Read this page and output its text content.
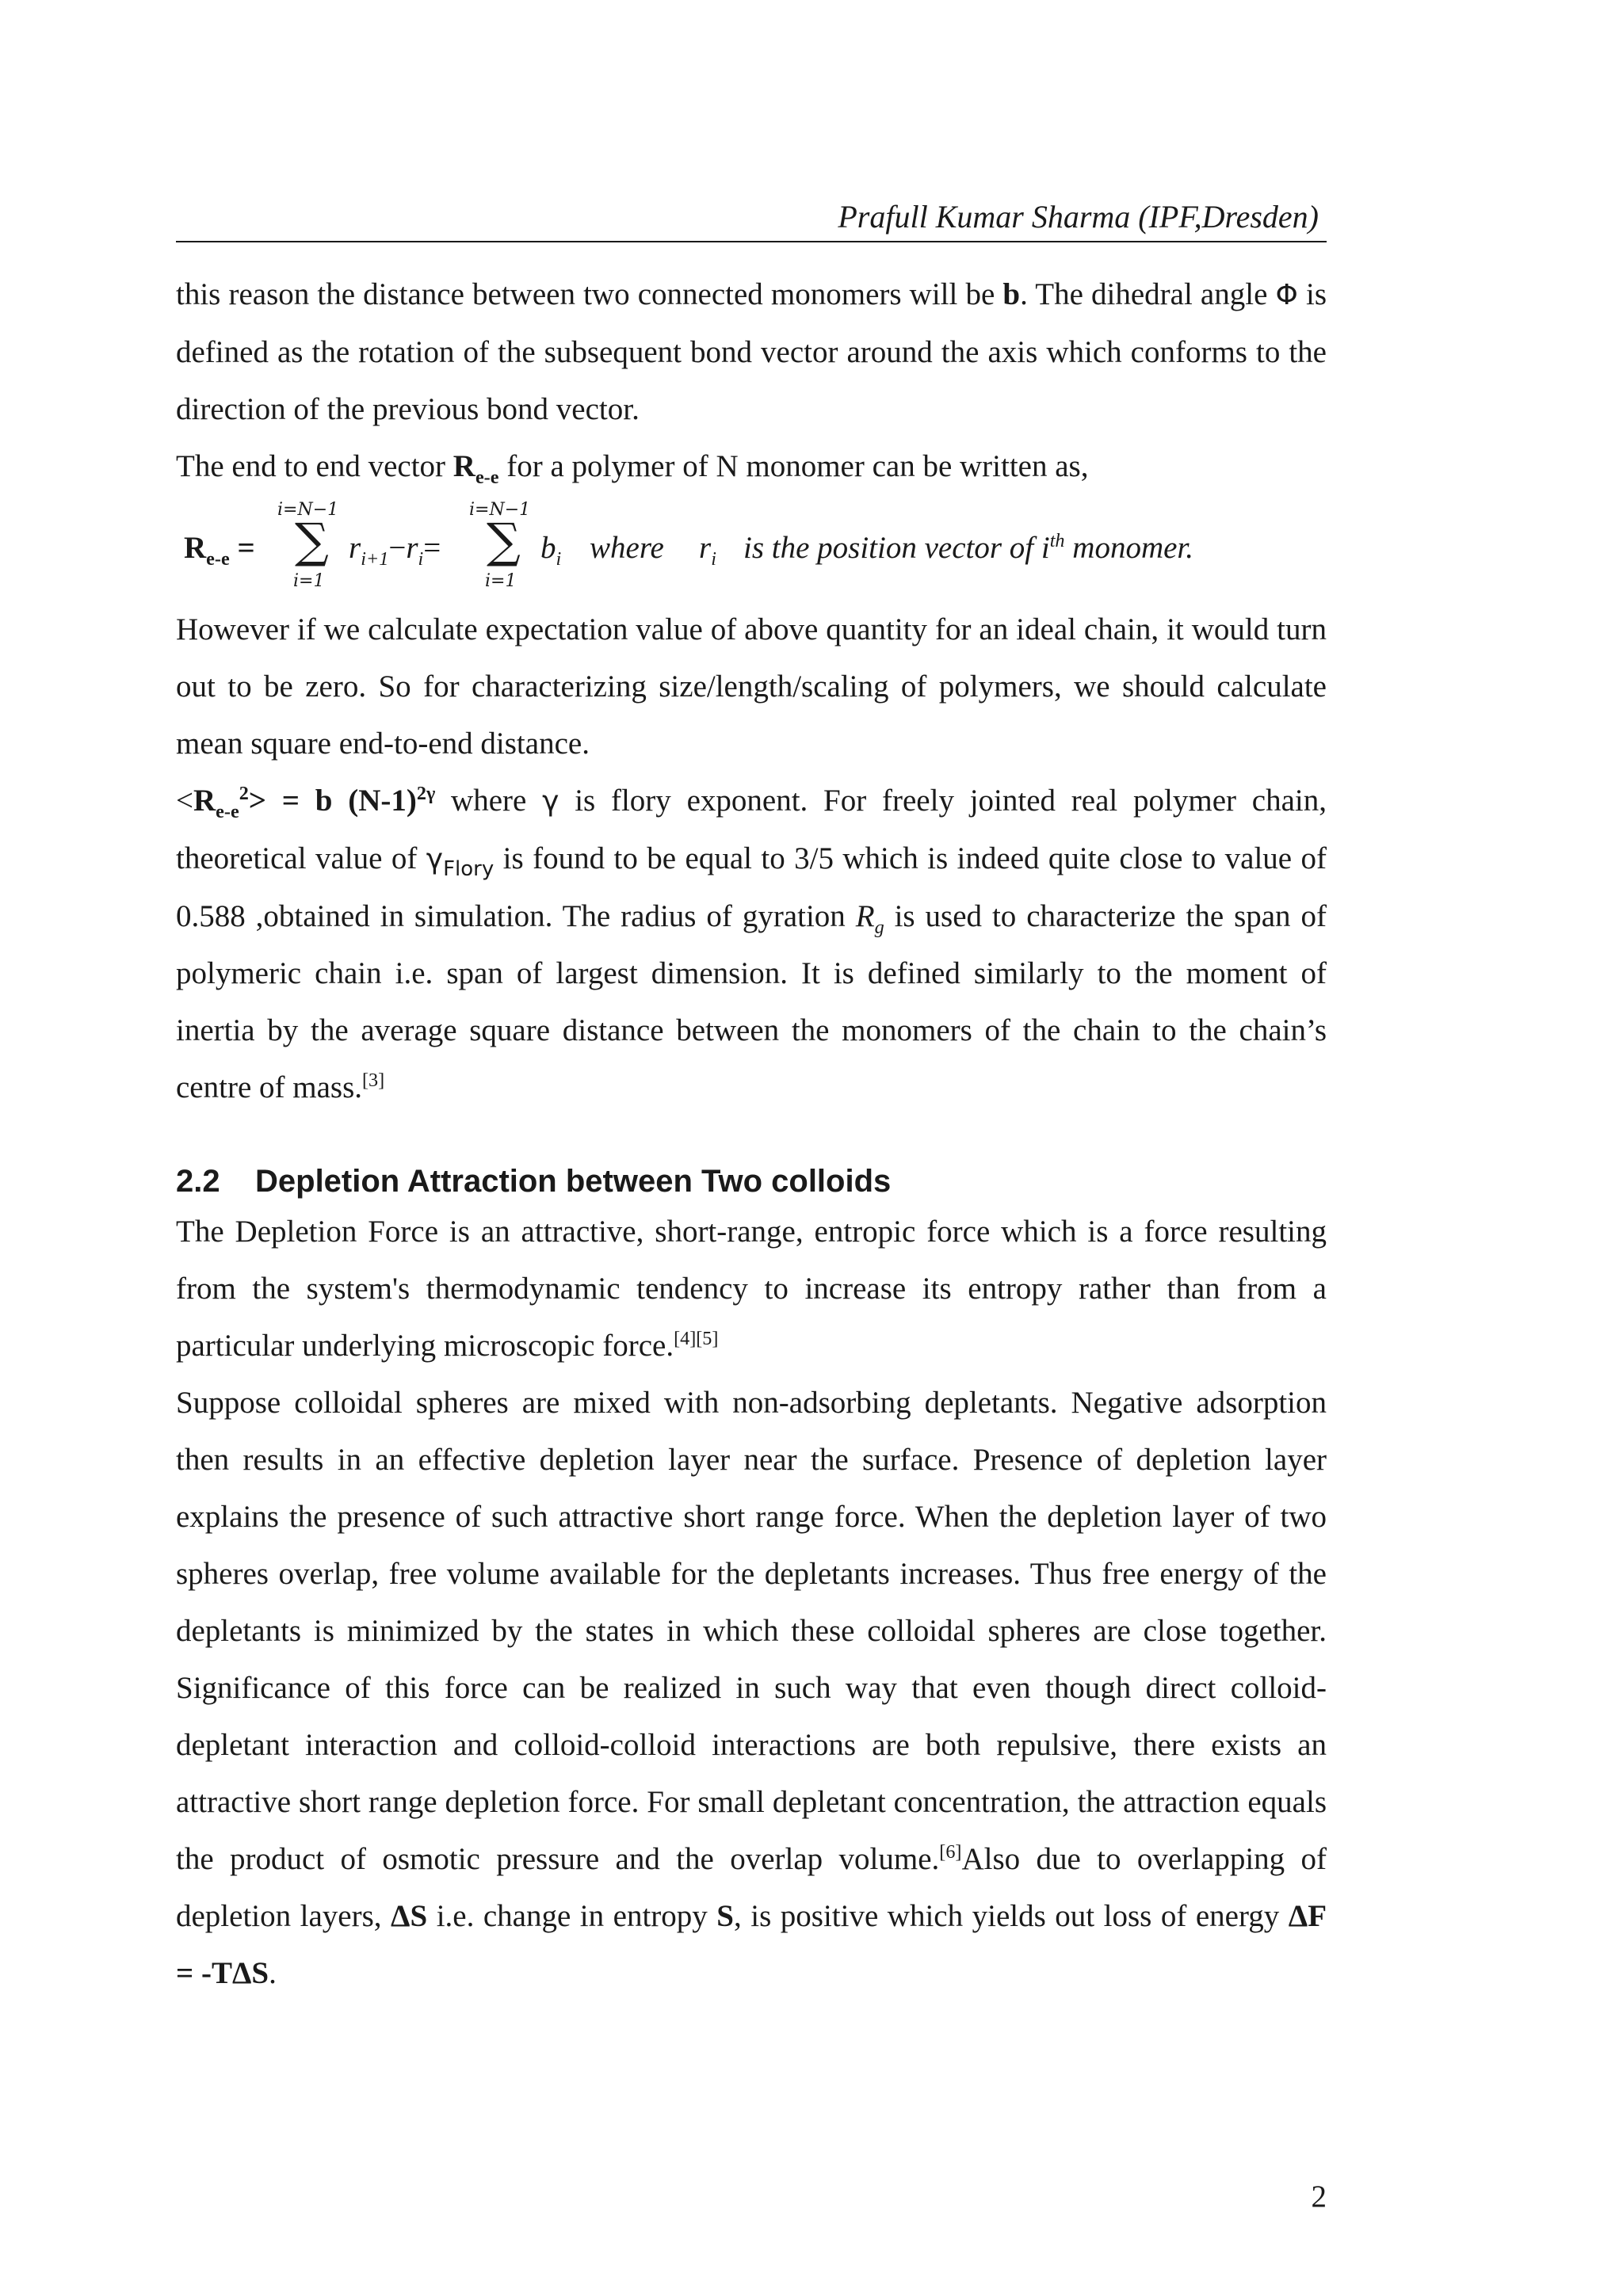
Prafull Kumar Sharma (IPF,Dresden)

this reason the distance between two connected monomers will be b. The dihedral angle Φ is defined as the rotation of the subsequent bond vector around the axis which conforms to the direction of the previous bond vector.

The end to end vector $R_{e-e}$ for a polymer of N monomer can be written as,

$R_{e-e}$ =
i=N−1
∑
i=1
$r_{i+1}-r_i=$
i=N−1
∑
i=1
$b_i$ where $r_i$ is the position vector of $i^{th}$ monomer.

However if we calculate expectation value of above quantity for an ideal chain, it would turn out to be zero. So for characterizing size/length/scaling of polymers, we should calculate mean square end-to-end distance.

$<R_{e-e}^2> = b$ $(N-1)^{2\gamma}$ where γ is flory exponent. For freely jointed real polymer chain, theoretical value of $\gamma_{Flory}$ is found to be equal to 3/5 which is indeed quite close to value of 0.588 ,obtained in simulation. The radius of gyration $R_g$ is used to characterize the span of polymeric chain i.e. span of largest dimension. It is defined similarly to the moment of inertia by the average square distance between the monomers of the chain to the chain’s centre of mass.[3]

2.2 Depletion Attraction between Two colloids

The Depletion Force is an attractive, short-range, entropic force which is a force resulting from the system's thermodynamic tendency to increase its entropy rather than from a particular underlying microscopic force.[4][5]

Suppose colloidal spheres are mixed with non-adsorbing depletants. Negative adsorption then results in an effective depletion layer near the surface. Presence of depletion layer explains the presence of such attractive short range force. When the depletion layer of two spheres overlap, free volume available for the depletants increases. Thus free energy of the depletants is minimized by the states in which these colloidal spheres are close together. Significance of this force can be realized in such way that even though direct colloid-depletant interaction and colloid-colloid interactions are both repulsive, there exists an attractive short range depletion force. For small depletant concentration, the attraction equals the product of osmotic pressure and the overlap volume.[6]Also due to overlapping of depletion layers, ΔS i.e. change in entropy S, is positive which yields out loss of energy ΔF = -TΔS.

2
